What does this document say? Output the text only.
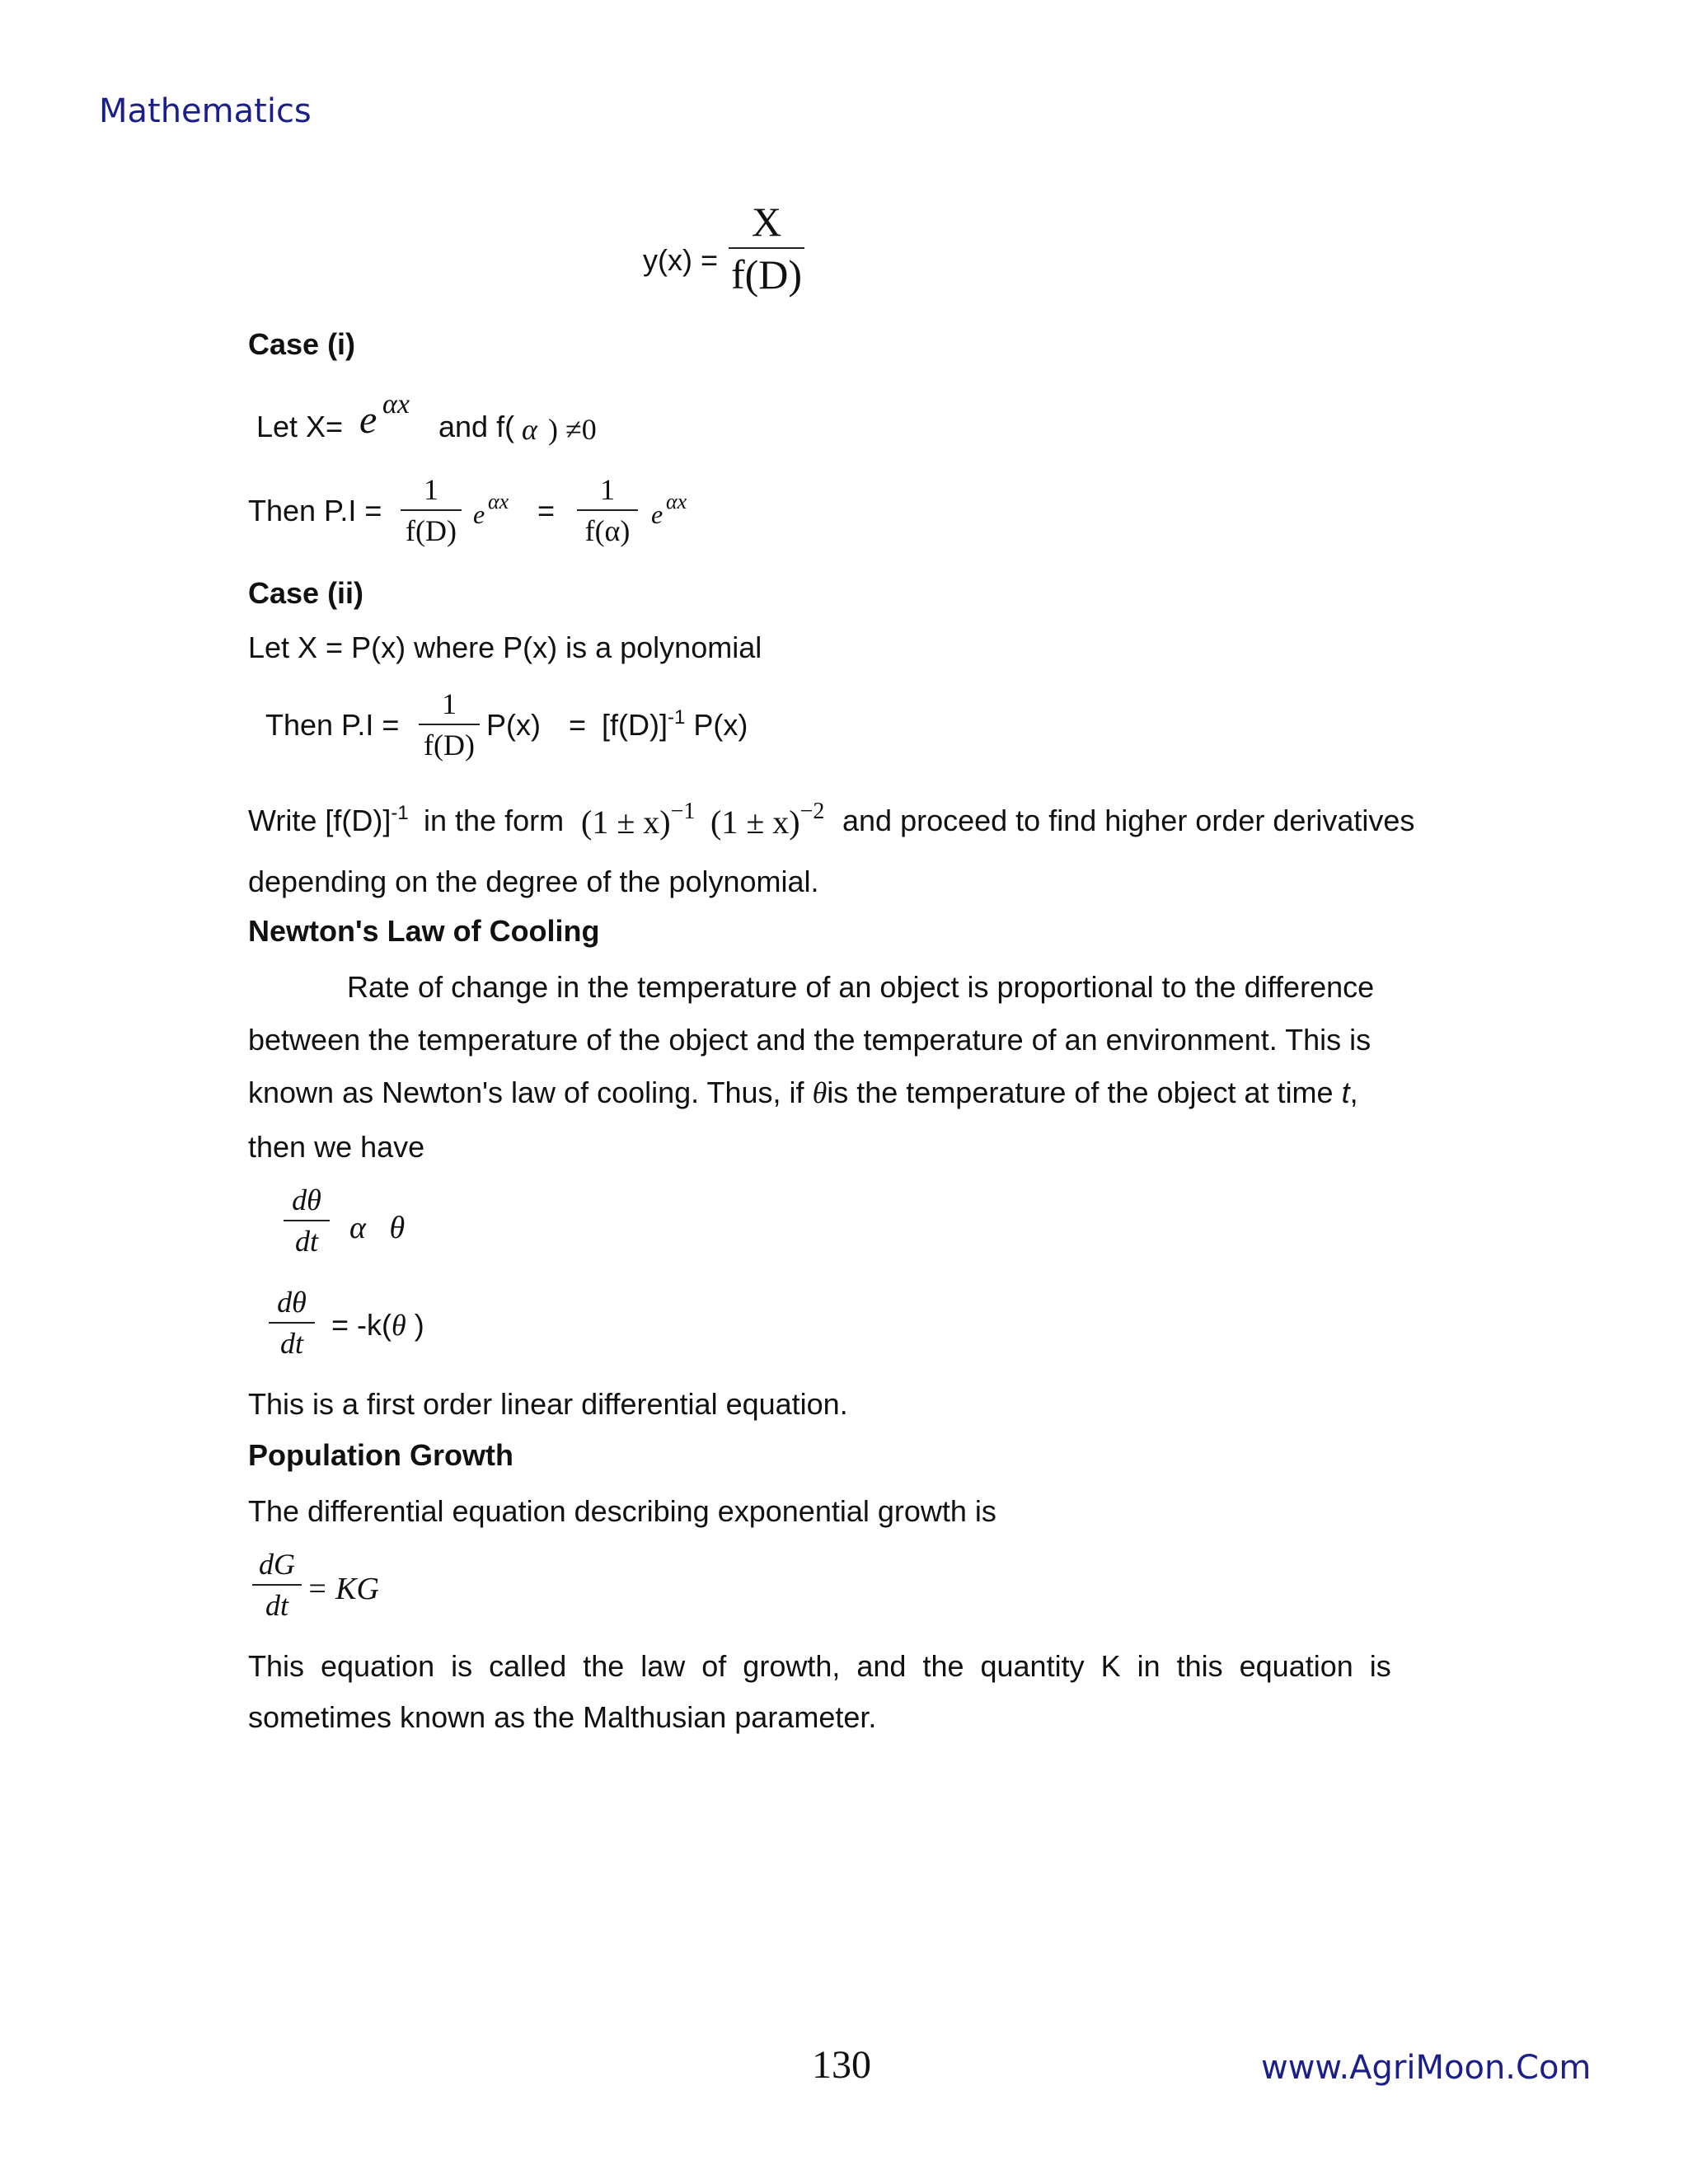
Mathematics
y(x) =
X
f(D)
Case (i)
Let X= e αx
and f( α ) ≠0
Then P.I =
1
f(D) e αx =
1
f(α) e αx
Case (ii)
Let X = P(x) where P(x) is a polynomial
Then P.I =
1
f(D)
$P(x) = [f(D)]^{-1}$ P(x)
Write $[f(D)]^{-1}$ in the form $(1 \pm x)^{-1}$ $(1 \pm x)^{-2}$ and proceed to find higher order derivatives
depending on the degree of the polynomial.
Newton's Law of Cooling
Rate of change in the temperature of an object is proportional to the difference
between the temperature of the object and the temperature of an environment. This is
known as Newton's law of cooling. Thus, if θis the temperature of the object at time t,
then we have
dθ
dt α   θ
dθ
dt
= -k(θ )
This is a first order linear differential equation.
Population Growth
The differential equation describing exponential growth is
dG
dt = KG
This  equation  is  called  the  law  of  growth,  and  the  quantity  K  in  this  equation  is
sometimes known as the Malthusian parameter.
130	www.AgriMoon.Com
